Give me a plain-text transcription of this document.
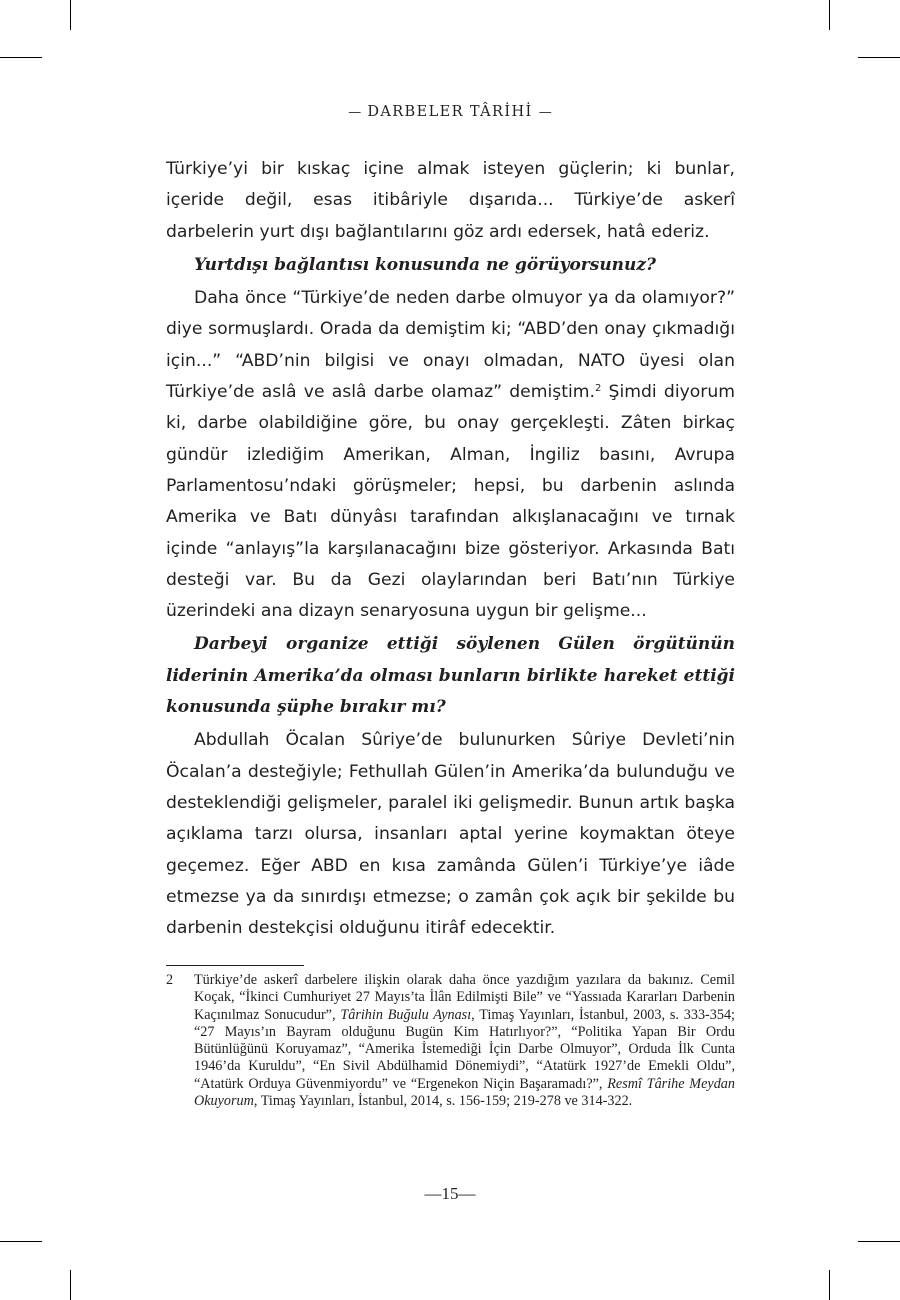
— DARBELER TÂRİHİ —

Türkiye’yi bir kıskaç içine almak isteyen güçlerin; ki bunlar, içeride değil, esas itibâriyle dışarıda... Türkiye’de askerî darbelerin yurt dışı bağlantılarını göz ardı edersek, hatâ ederiz.

Yurtdışı bağlantısı konusunda ne görüyorsunuz?

Daha önce “Türkiye’de neden darbe olmuyor ya da olamıyor?” diye sormuşlardı. Orada da demiştim ki; “ABD’den onay çıkmadığı için...” “ABD’nin bilgisi ve onayı olmadan, NATO üyesi olan Türkiye’de aslâ ve aslâ darbe olamaz” demiştim.$^2$ Şimdi diyorum ki, darbe olabildiğine göre, bu onay gerçekleşti. Zâten birkaç gündür izlediğim Amerikan, Alman, İngiliz basını, Avrupa Parlamentosu’ndaki görüşmeler; hepsi, bu darbenin aslında Amerika ve Batı dünyâsı tarafından alkışlanacağını ve tırnak içinde “anlayış”la karşılanacağını bize gösteriyor. Arkasında Batı desteği var. Bu da Gezi olaylarından beri Batı’nın Türkiye üzerindeki ana dizayn senaryosuna uygun bir gelişme...

Darbeyi organize ettiği söylenen Gülen örgütünün liderinin Amerika’da olması bunların birlikte hareket ettiği konusunda şüphe bırakır mı?

Abdullah Öcalan Sûriye’de bulunurken Sûriye Devleti’nin Öcalan’a desteğiyle; Fethullah Gülen’in Amerika’da bulunduğu ve desteklendiği gelişmeler, paralel iki gelişmedir. Bunun artık başka açıklama tarzı olursa, insanları aptal yerine koymaktan öteye geçemez. Eğer ABD en kısa zamânda Gülen’i Türkiye’ye iâde etmezse ya da sınırdışı etmezse; o zamân çok açık bir şekilde bu darbenin destekçisi olduğunu itirâf edecektir.

2 Türkiye’de askerî darbelere ilişkin olarak daha önce yazdığım yazılara da bakınız. Cemil Koçak, “İkinci Cumhuriyet 27 Mayıs’ta İlân Edilmişti Bile” ve “Yassıada Kararları Darbenin Kaçınılmaz Sonucudur”, Târihin Buğulu Aynası, Timaş Yayınları, İstanbul, 2003, s. 333-354; “27 Mayıs’ın Bayram olduğunu Bugün Kim Hatırlıyor?”, “Politika Yapan Bir Ordu Bütünlüğünü Koruyamaz”, “Amerika İstemediği İçin Darbe Olmuyor”, Orduda İlk Cunta 1946’da Kuruldu”, “En Sivil Abdülhamid Dönemiydi”, “Atatürk 1927’de Emekli Oldu”, “Atatürk Orduya Güvenmiyordu” ve “Ergenekon Niçin Başaramadı?”, Resmî Târihe Meydan Okuyorum, Timaş Yayınları, İstanbul, 2014, s. 156-159; 219-278 ve 314-322.
—15—
